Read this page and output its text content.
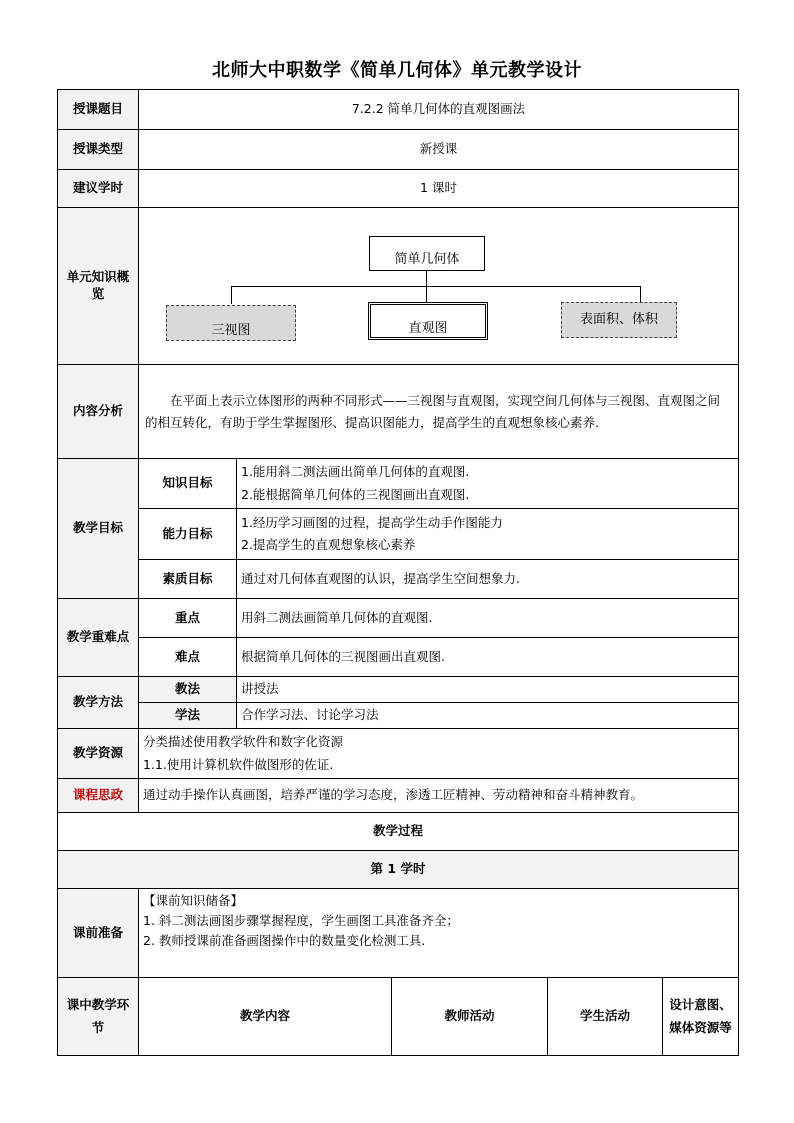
北师大中职数学《简单几何体》单元教学设计
授课题目	7.2.2 简单几何体的直观图画法				
授课类型	新授课				
建议学时	1 课时				
单元知识概览	简单几何体
三视图 直观图
表面积、体积				

内容分析	在平面上表示立体图形的两种不同形式——三视图与直观图，实现空间几何体与三视图、直观图之间的相互转化，有助于学生掌握图形、提高识图能力，提高学生的直观想象核心素养.				
教学目标	知识目标	1.能用斜二测法画出简单几何体的直观图.
2.能根据简单几何体的三视图画出直观图.			

	能力目标	1.经历学习画图的过程，提高学生动手作图能力
2.提高学生的直观想象核心素养			

	素质目标	通过对几何体直观图的认识，提高学生空间想象力.			
教学重难点	重点	用斜二测法画简单几何体的直观图.			
	难点	根据简单几何体的三视图画出直观图.			
教学方法	教法	讲授法			
	学法	合作学习法、讨论学习法			
教学资源	分类描述使用教学软件和数字化资源
1.1.使用计算机软件做图形的佐证.				

课程思政	通过动手操作认真画图，培养严谨的学习态度，渗透工匠精神、劳动精神和奋斗精神教育。				
教学过程					
第 1 学时					
课前准备	【课前知识储备】
1. 斜二测法画图步骤掌握程度，学生画图工具准备齐全；
2. 教师授课前准备画图操作中的数量变化检测工具.				

课中教学环节	教学内容		教师活动	学生活动	设计意图、媒体资源等
